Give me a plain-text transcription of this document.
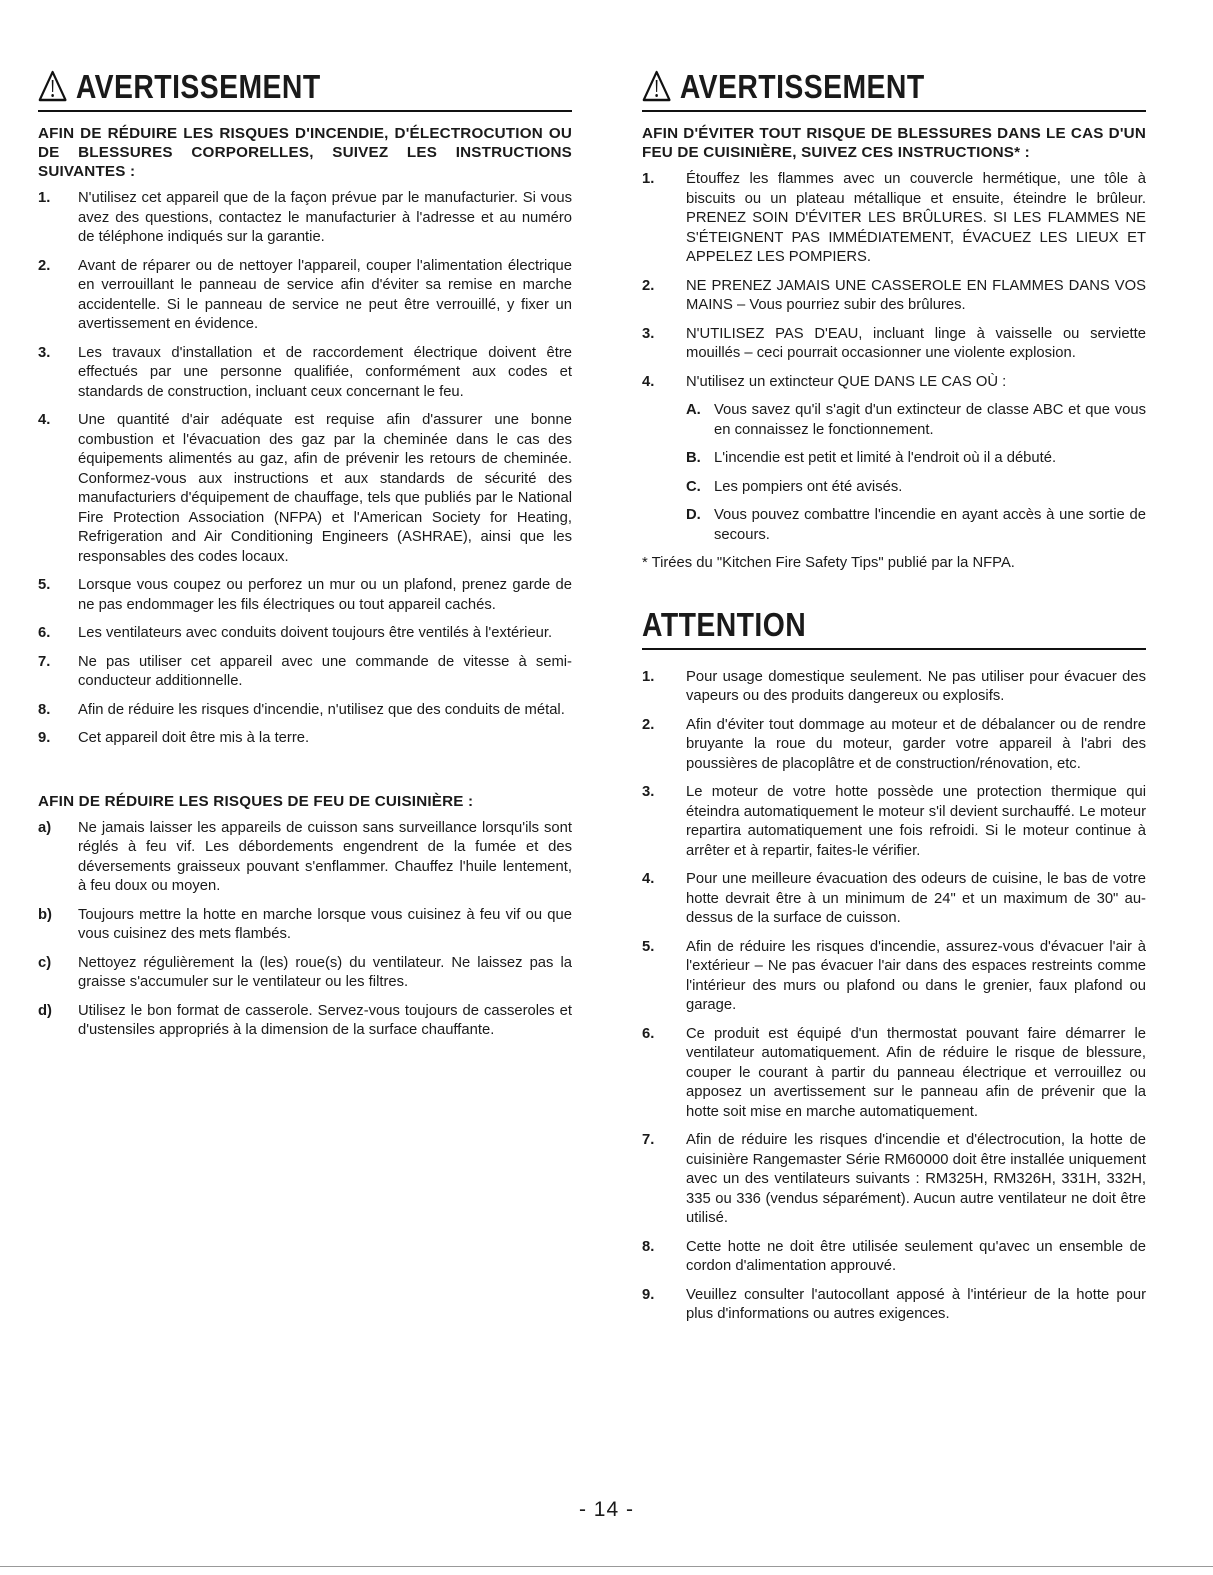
AVERTISSEMENT

AFIN DE RÉDUIRE LES RISQUES D'INCENDIE, D'ÉLECTROCUTION OU DE BLESSURES CORPORELLES, SUIVEZ LES INSTRUCTIONS SUIVANTES :

1.	N'utilisez cet appareil que de la façon prévue par le manufacturier. Si vous avez des questions, contactez le manufacturier à l'adresse et au numéro de téléphone indiqués sur la garantie.
2.	Avant de réparer ou de nettoyer l'appareil, couper l'alimentation électrique en verrouillant le panneau de service afin d'éviter sa remise en marche accidentelle. Si le panneau de service ne peut être verrouillé, y fixer un avertissement en évidence.
3.	Les travaux d'installation et de raccordement électrique doivent être effectués par une personne qualifiée, conformément aux codes et standards de construction, incluant ceux concernant le feu.
4.	Une quantité d'air adéquate est requise afin d'assurer une bonne combustion et l'évacuation des gaz par la cheminée dans le cas des équipements alimentés au gaz, afin de prévenir les retours de cheminée. Conformez-vous aux instructions et aux standards de sécurité des manufacturiers d'équipement de chauffage, tels que publiés par le National Fire Protection Association (NFPA) et l'American Society for Heating, Refrigeration and Air Conditioning Engineers (ASHRAE), ainsi que les responsables des codes locaux.
5.	Lorsque vous coupez ou perforez un mur ou un plafond, prenez garde de ne pas endommager les fils électriques ou tout appareil cachés.
6.	Les ventilateurs avec conduits doivent toujours être ventilés à l'extérieur.
7.	Ne pas utiliser cet appareil avec une commande de vitesse à semi-conducteur additionnelle.
8.	Afin de réduire les risques d'incendie, n'utilisez que des conduits de métal.
9.	Cet appareil doit être mis à la terre.

AFIN DE RÉDUIRE LES RISQUES DE FEU DE CUISINIÈRE :

a)	Ne jamais laisser les appareils de cuisson sans surveillance lorsqu'ils sont réglés à feu vif. Les débordements engendrent de la fumée et des déversements graisseux pouvant s'enflammer. Chauffez l'huile lentement, à feu doux ou moyen.
b)	Toujours mettre la hotte en marche lorsque vous cuisinez à feu vif ou que vous cuisinez des mets flambés.
c)	Nettoyez régulièrement la (les) roue(s) du ventilateur. Ne laissez pas la graisse s'accumuler sur le ventilateur ou les filtres.
d)	Utilisez le bon format de casserole. Servez-vous toujours de casseroles et d'ustensiles appropriés à la dimension de la surface chauffante.
AVERTISSEMENT

AFIN D'ÉVITER TOUT RISQUE DE BLESSURES DANS LE CAS D'UN FEU DE CUISINIÈRE, SUIVEZ CES INSTRUCTIONS* :

1.	Étouffez les flammes avec un couvercle hermétique, une tôle à biscuits ou un plateau métallique et ensuite, éteindre le brûleur. PRENEZ SOIN D'ÉVITER LES BRÛLURES. SI LES FLAMMES NE S'ÉTEIGNENT PAS IMMÉDIATEMENT, ÉVACUEZ LES LIEUX ET APPELEZ LES POMPIERS.
2.	NE PRENEZ JAMAIS UNE CASSEROLE EN FLAMMES DANS VOS MAINS – Vous pourriez subir des brûlures.
3.	N'UTILISEZ PAS D'EAU, incluant linge à vaisselle ou serviette mouillés – ceci pourrait occasionner une violente explosion.
4.	N'utilisez un extincteur QUE DANS LE CAS OÙ :
A. Vous savez qu'il s'agit d'un extincteur de classe ABC et que vous en connaissez le fonctionnement.
B. L'incendie est petit et limité à l'endroit où il a débuté.
C. Les pompiers ont été avisés.
D. Vous pouvez combattre l'incendie en ayant accès à une sortie de secours.

* Tirées du "Kitchen Fire Safety Tips" publié par la NFPA.

ATTENTION
1.	Pour usage domestique seulement. Ne pas utiliser pour évacuer des vapeurs ou des produits dangereux ou explosifs.
2.	Afin d'éviter tout dommage au moteur et de débalancer ou de rendre bruyante la roue du moteur, garder votre appareil à l'abri des poussières de placoplâtre et de construction/rénovation, etc.
3.	Le moteur de votre hotte possède une protection thermique qui éteindra automatiquement le moteur s'il devient surchauffé. Le moteur repartira automatiquement une fois refroidi. Si le moteur continue à arrêter et à repartir, faites-le vérifier.
4.	Pour une meilleure évacuation des odeurs de cuisine, le bas de votre hotte devrait être à un minimum de 24" et un maximum de 30" au-dessus de la surface de cuisson.
5.	Afin de réduire les risques d'incendie, assurez-vous d'évacuer l'air à l'extérieur – Ne pas évacuer l'air dans des espaces restreints comme l'intérieur des murs ou plafond ou dans le grenier, faux plafond ou garage.
6.	Ce produit est équipé d'un thermostat pouvant faire démarrer le ventilateur automatiquement. Afin de réduire le risque de blessure, couper le courant à partir du panneau électrique et verrouillez ou apposez un avertissement sur le panneau afin de prévenir que la hotte soit mise en marche automatiquement.
7.	Afin de réduire les risques d'incendie et d'électrocution, la hotte de cuisinière Rangemaster Série RM60000 doit être installée uniquement avec un des ventilateurs suivants : RM325H, RM326H, 331H, 332H, 335 ou 336 (vendus séparément). Aucun autre ventilateur ne doit être utilisé.
8.	Cette hotte ne doit être utilisée seulement qu'avec un ensemble de cordon d'alimentation approuvé.
9.	Veuillez consulter l'autocollant apposé à l'intérieur de la hotte pour plus d'informations ou autres exigences.
- 14 -
